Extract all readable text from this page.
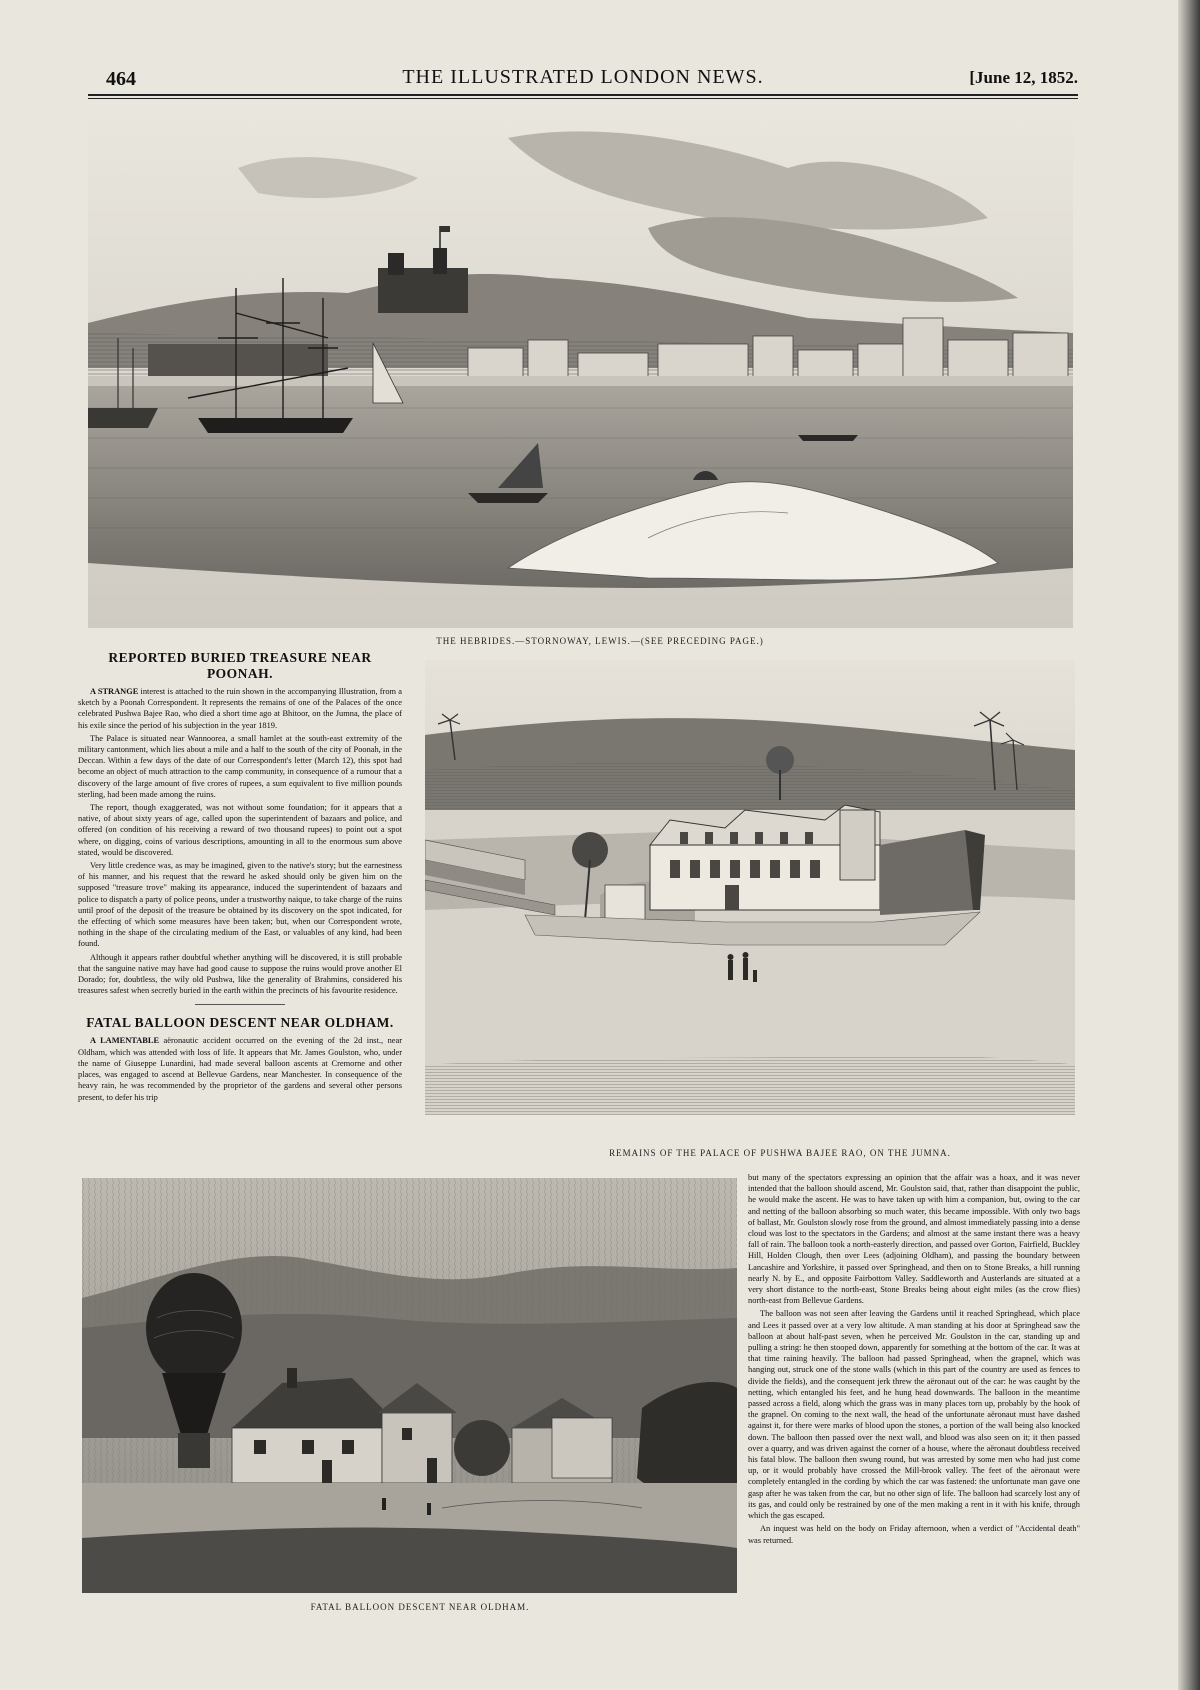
464	THE ILLUSTRATED LONDON NEWS.	[June 12, 1852.
THE HEBRIDES.—STORNOWAY, LEWIS.—(SEE PRECEDING PAGE.)
REPORTED BURIED TREASURE NEAR POONAH.

A STRANGE interest is attached to the ruin shown in the accompanying Illustration, from a sketch by a Poonah Correspondent. It represents the remains of one of the Palaces of the once celebrated Pushwa Bajee Rao, who died a short time ago at Bhitoor, on the Jumna, the place of his exile since the period of his subjection in the year 1819.

The Palace is situated near Wannoorea, a small hamlet at the south-east extremity of the military cantonment, which lies about a mile and a half to the south of the city of Poonah, in the Deccan. Within a few days of the date of our Correspondent's letter (March 12), this spot had become an object of much attraction to the camp community, in consequence of a rumour that a discovery of the large amount of five crores of rupees, a sum equivalent to five million pounds sterling, had been made among the ruins.

The report, though exaggerated, was not without some foundation; for it appears that a native, of about sixty years of age, called upon the superintendent of bazaars and police, and offered (on condition of his receiving a reward of two thousand rupees) to point out a spot where, on digging, coins of various descriptions, amounting in all to the enormous sum above stated, would be discovered.

Very little credence was, as may be imagined, given to the native's story; but the earnestness of his manner, and his request that the reward he asked should only be given him on the supposed "treasure trove" making its appearance, induced the superintendent of bazaars and police to dispatch a party of police peons, under a trustworthy naique, to take charge of the ruins until proof of the deposit of the treasure be obtained by its discovery on the spot indicated, for the effecting of which some measures have been taken; but, when our Correspondent wrote, nothing in the shape of the circulating medium of the East, or valuables of any kind, had been found.

Although it appears rather doubtful whether anything will be discovered, it is still probable that the sanguine native may have had good cause to suppose the ruins would prove another El Dorado; for, doubtless, the wily old Pushwa, like the generality of Brahmins, considered his treasures safest when secretly buried in the earth within the precincts of his favourite residence.

FATAL BALLOON DESCENT NEAR OLDHAM.

A LAMENTABLE aëronautic accident occurred on the evening of the 2d inst., near Oldham, which was attended with loss of life. It appears that Mr. James Goulston, who, under the name of Giuseppe Lunardini, had made several balloon ascents at Cremorne and other places, was engaged to ascend at Bellevue Gardens, near Manchester. In consequence of the heavy rain, he was recommended by the proprietor of the gardens and several other persons present, to defer his trip

REMAINS OF THE PALACE OF PUSHWA BAJEE RAO, ON THE JUMNA.
FATAL BALLOON DESCENT NEAR OLDHAM.

but many of the spectators expressing an opinion that the affair was a hoax, and it was never intended that the balloon should ascend, Mr. Goulston said, that, rather than disappoint the public, he would make the ascent. He was to have taken up with him a companion, but, owing to the car and netting of the balloon absorbing so much water, this became impossible. With only two bags of ballast, Mr. Goulston slowly rose from the ground, and almost immediately passing into a dense cloud was lost to the spectators in the Gardens; and almost at the same instant there was a heavy fall of rain. The balloon took a north-easterly direction, and passed over Gorton, Fairfield, Buckley Hill, Holden Clough, then over Lees (adjoining Oldham), and passing the boundary between Lancashire and Yorkshire, it passed over Springhead, and then on to Stone Breaks, a hill running nearly N. by E., and opposite Fairbottom Valley. Saddleworth and Austerlands are situated at a very short distance to the north-east, Stone Breaks being about eight miles (as the crow flies) north-east from Bellevue Gardens.

The balloon was not seen after leaving the Gardens until it reached Springhead, which place and Lees it passed over at a very low altitude. A man standing at his door at Springhead saw the balloon at about half-past seven, when he perceived Mr. Goulston in the car, standing up and pulling a string: he then stooped down, apparently for something at the bottom of the car. It was at that time raining heavily. The balloon had passed Springhead, when the grapnel, which was hanging out, struck one of the stone walls (which in this part of the country are used as fences to divide the fields), and the consequent jerk threw the aëronaut out of the car: he was caught by the netting, which entangled his feet, and he hung head downwards. The balloon in the meantime passed across a field, along which the grass was in many places torn up, probably by the hook of the grapnel. On coming to the next wall, the head of the unfortunate aëronaut must have dashed against it, for there were marks of blood upon the stones, a portion of the wall being also knocked down. The balloon then passed over the next wall, and blood was also seen on it; it then passed over a quarry, and was driven against the corner of a house, where the aëronaut doubtless received his fatal blow. The balloon then swung round, but was arrested by some men who had just come up, or it would probably have crossed the Mill-brook valley. The feet of the aëronaut were completely entangled in the cording by which the car was fastened: the unfortunate man gave one gasp after he was taken from the car, but no other sign of life. The balloon had scarcely lost any of its gas, and could only be restrained by one of the men making a rent in it with his knife, through which the gas escaped.

An inquest was held on the body on Friday afternoon, when a verdict of "Accidental death" was returned.
